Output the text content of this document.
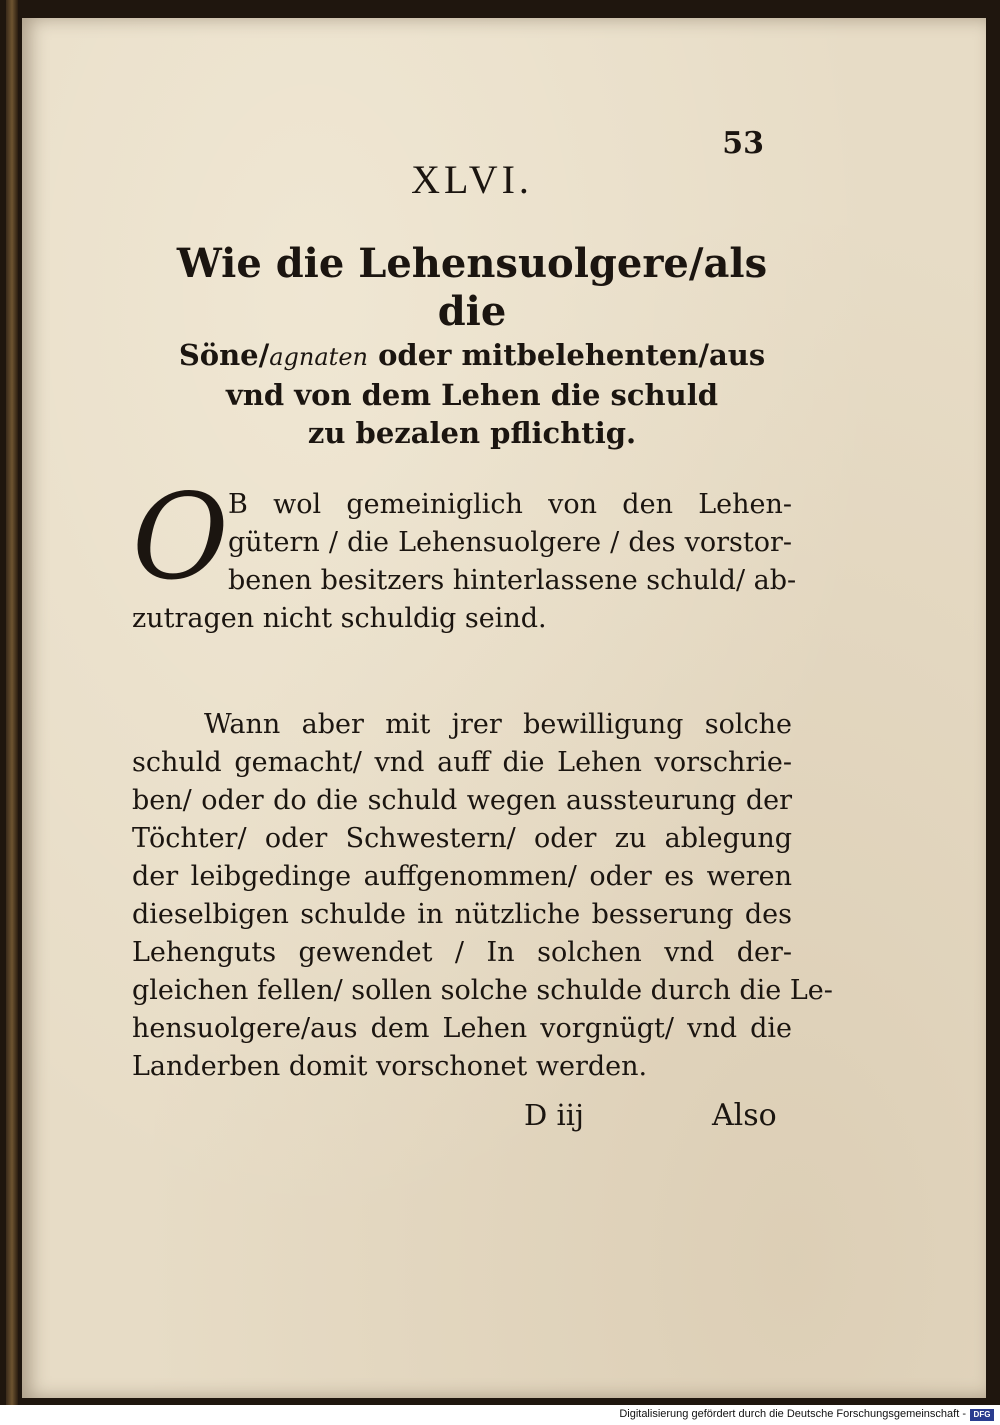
53
XLVI.
Wie die Lehensuolgere/als die
Söne/agnaten oder mitbelehenten/aus
vnd von dem Lehen die schuld
zu bezalen pflichtig.
O B wol gemeiniglich von den Lehen-
gütern / die Lehensuolgere / des vorstor-
benen besitzers hinterlassene schuld/ ab-
zutragen nicht schuldig seind.
Wann aber mit jrer bewilligung solche
schuld gemacht/ vnd auff die Lehen vorschrie-
ben/ oder do die schuld wegen aussteurung der
Töchter/ oder Schwestern/ oder zu ablegung
der leibgedinge auffgenommen/ oder es weren
dieselbigen schulde in nützliche besserung des
Lehenguts gewendet / In solchen vnd der-
gleichen fellen/ sollen solche schulde durch die Le-
hensuolgere/aus dem Lehen vorgnügt/ vnd die
Landerben domit vorschonet werden.
D iij	Also
Digitalisierung gefördert durch die Deutsche Forschungsgemeinschaft - DFG
